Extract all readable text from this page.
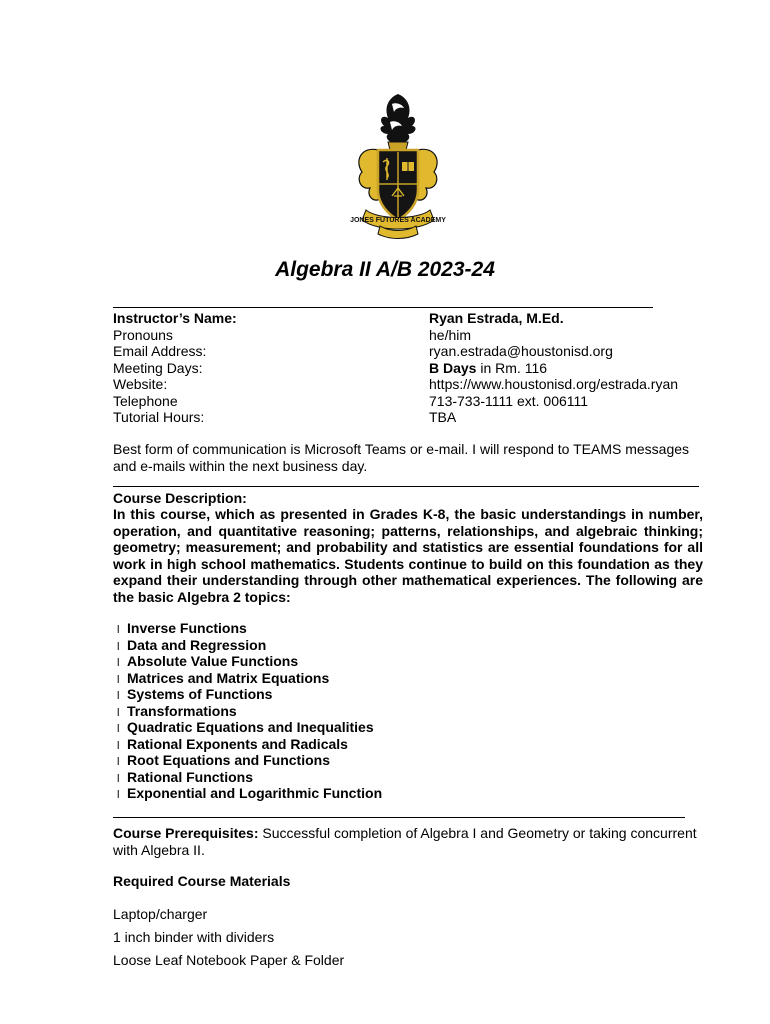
JONES FUTURES ACADEMY
Algebra II A/B 2023-24
Instructor’s Name:	Ryan Estrada, M.Ed.
Pronouns	he/him
Email Address:	ryan.estrada@houstonisd.org
Meeting Days:	B Days in Rm. 116
Website:	https://www.houstonisd.org/estrada.ryan
Telephone	713-733-1111 ext. 006111
Tutorial Hours:	TBA
Best form of communication is Microsoft Teams or e-mail. I will respond to TEAMS messages and e-mails within the next business day.
Course Description:
In this course, which as presented in Grades K-8, the basic understandings in number, operation, and quantitative reasoning; patterns, relationships, and algebraic thinking; geometry; measurement; and probability and statistics are essential foundations for all work in high school mathematics. Students continue to build on this foundation as they expand their understanding through other mathematical experiences. The following are the basic Algebra 2 topics:
l Inverse Functions
l Data and Regression
l Absolute Value Functions
l Matrices and Matrix Equations
l Systems of Functions
l Transformations
l Quadratic Equations and Inequalities
l Rational Exponents and Radicals
l Root Equations and Functions
l Rational Functions
l Exponential and Logarithmic Function
Course Prerequisites: Successful completion of Algebra I and Geometry or taking concurrent with Algebra II.
Required Course Materials
Laptop/charger
1 inch binder with dividers
Loose Leaf Notebook Paper & Folder
